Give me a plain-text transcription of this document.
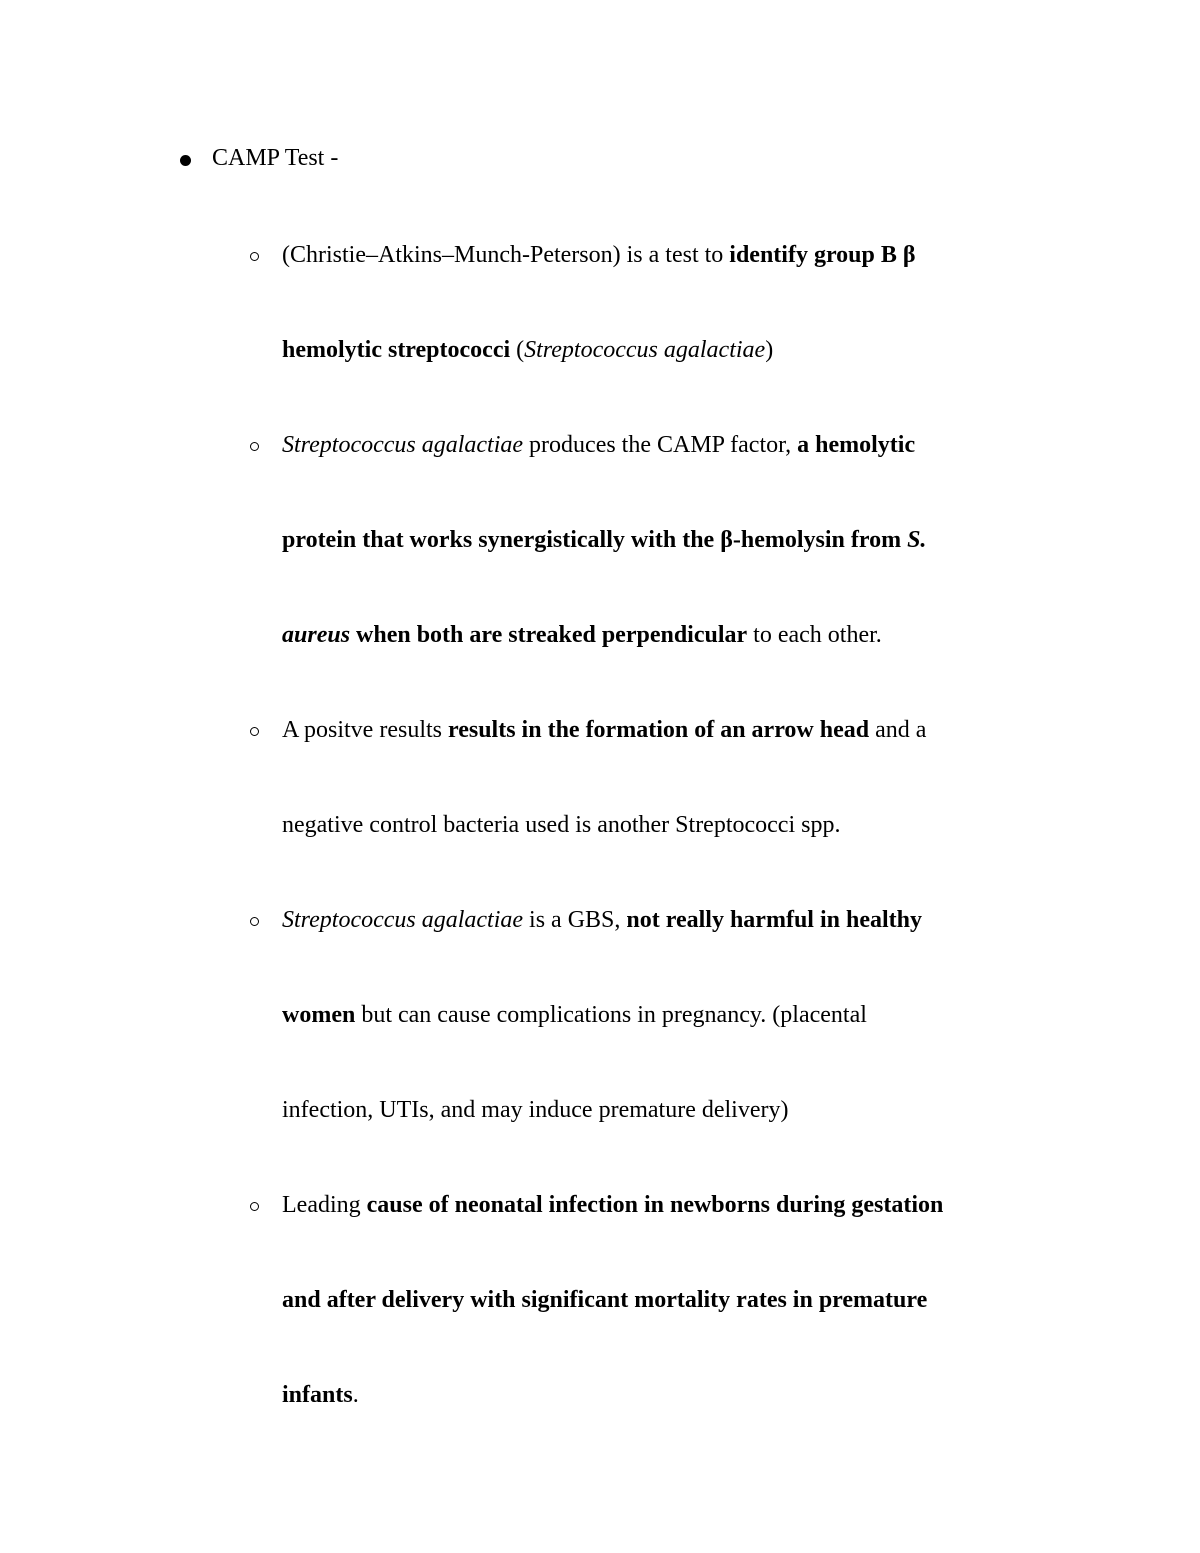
CAMP Test -
(Christie–Atkins–Munch-Peterson) is a test to identify group B β
hemolytic streptococci (Streptococcus agalactiae)
Streptococcus agalactiae produces the CAMP factor, a hemolytic
protein that works synergistically with the β-hemolysin from S.
aureus when both are streaked perpendicular to each other.
A positve results results in the formation of an arrow head and a
negative control bacteria used is another Streptococci spp.
Streptococcus agalactiae is a GBS, not really harmful in healthy
women but can cause complications in pregnancy. (placental
infection, UTIs, and may induce premature delivery)
Leading cause of neonatal infection in newborns during gestation
and after delivery with significant mortality rates in premature
infants.
